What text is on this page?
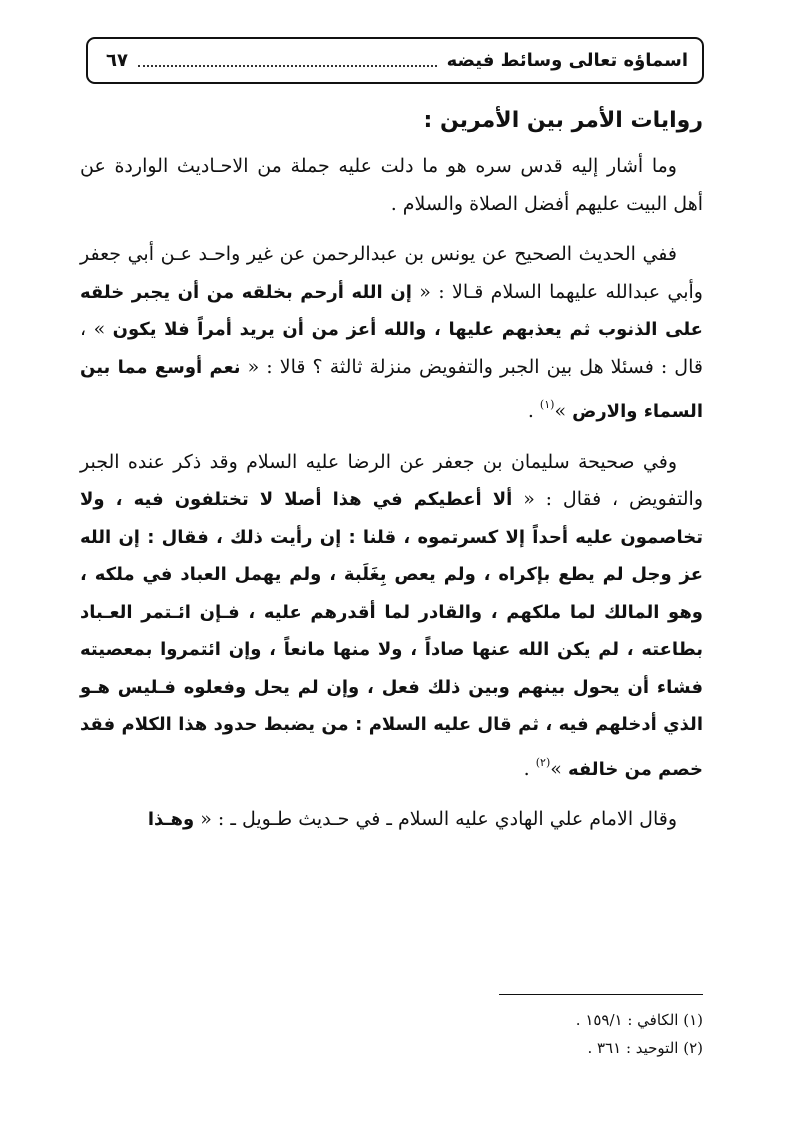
اسماؤه تعالى وسائط فيضه
٦٧
روايات الأمر بين الأمرين :

وما أشار إليه قدس سره هو ما دلت عليه جملة من الاحـاديث الواردة عن أهل البيت عليهم أفضل الصلاة والسلام .

ففي الحديث الصحيح عن يونس بن عبدالرحمن عن غير واحـد عـن أبي جعفر وأبي عبدالله عليهما السلام قـالا : « إن الله أرحم بخلقه من أن يجبر خلقه على الذنوب ثم يعذبهم عليها ، والله أعز من أن يريد أمراً فلا يكون » ، قال : فسئلا هل بين الجبر والتفويض منزلة ثالثة ؟ قالا : « نعم أوسع مما بين السماء والارض »$^{(١)}$ .

وفي صحيحة سليمان بن جعفر عن الرضا عليه السلام وقد ذكر عنده الجبر والتفويض ، فقال : « ألا أعطيكم في هذا أصلا لا تختلفون فيه ، ولا تخاصمون عليه أحداً إلا كسرتموه ، قلنا : إن رأيت ذلك ، فقال : إن الله عز وجل لم يطع بإكراه ، ولم يعص بِغَلَبة ، ولم يهمل العباد في ملكه ، وهو المالك لما ملكهم ، والقادر لما أقدرهم عليه ، فـإن ائـتمر العـباد بطاعته ، لم يكن الله عنها صاداً ، ولا منها مانعاً ، وإن ائتمروا بمعصيته فشاء أن يحول بينهم وبين ذلك فعل ، وإن لم يحل وفعلوه فـليس هـو الذي أدخلهم فيه ، ثم قال عليه السلام : من يضبط حدود هذا الكلام فقد خصم من خالفه »$^{(٢)}$ .

وقال الامام علي الهادي عليه السلام ـ في حـديث طـويل ـ : « وهـذا

(١) الكافي : ١٥٩/١ .
(٢) التوحيد : ٣٦١ .
